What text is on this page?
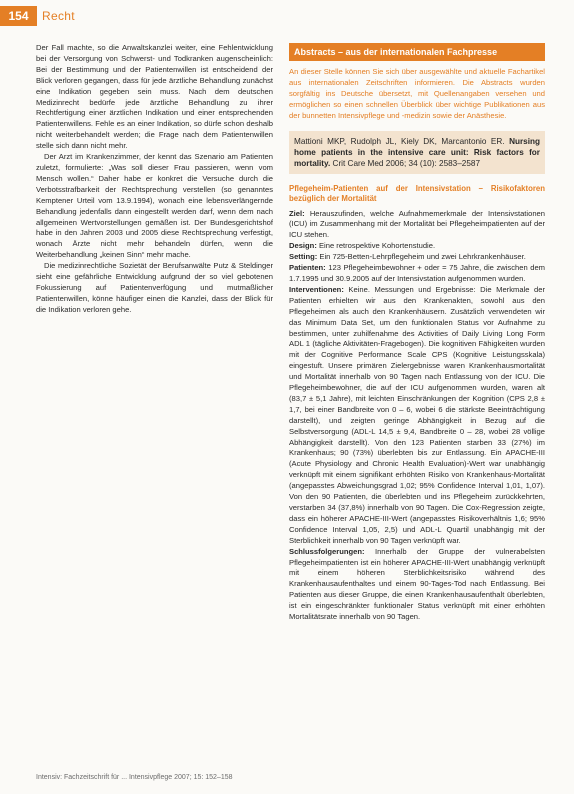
154	Recht

Der Fall machte, so die Anwaltskanzlei weiter, eine Fehlentwicklung bei der Versorgung von Schwerst- und Todkranken augenscheinlich: Bei der Bestimmung und der Patientenwillen ist entscheidend der Blick verloren gegangen, dass für jede ärztliche Behandlung zunächst eine Indikation gegeben sein muss. Nach dem deutschen Medizinrecht bedürfe jede ärztliche Behandlung zu ihrer Rechtfertigung einer ärztlichen Indikation und einer entsprechenden Patientenwillens. Fehle es an einer Indikation, so dürfe schon deshalb nicht weiterbehandelt werden; die Frage nach dem Patientenwillen stelle sich dann nicht mehr.

Der Arzt im Krankenzimmer, der kennt das Szenario am Patienten zuletzt, formulierte: „Was soll dieser Frau passieren, wenn vom Mensch wollen.“ Daher habe er konkret die Versuche durch die Verbotsstrafbarkeit der Rechtsprechung verstellen (so genanntes Kemptener Urteil vom 13.9.1994), wonach eine lebensverlängernde Behandlung jedenfalls dann eingestellt werden darf, wenn dem nach allgemeinen Wertvorstellungen gemäßen ist. Der Bundesgerichtshof habe in den Jahren 2003 und 2005 diese Rechtsprechung verfestigt, wonach Ärzte nicht mehr behandeln dürfen, wenn die Weiterbehandlung „keinen Sinn“ mehr mache.

Die medizinrechtliche Sozietät der Berufsanwälte Putz & Steldinger sieht eine gefährliche Entwicklung aufgrund der so viel gebotenen Fokussierung auf Patientenverfügung und mutmaßlicher Patientenwillen, könne häufiger einen die Kanzlei, dass der Blick für die Indikation verloren gehe.

Abstracts – aus der internationalen Fachpresse
An dieser Stelle können Sie sich über ausgewählte und aktuelle Fachartikel aus internationalen Zeitschriften informieren. Die Abstracts wurden sorgfältig ins Deutsche übersetzt, mit Quellenangaben versehen und ermöglichen so einen schnellen Überblick über wichtige Publikationen aus der bunnetten Intensivpflege und -medizin sowie der Anästhesie.
Mattioni MKP, Rudolph JL, Kiely DK, Marcantonio ER. Nursing home patients in the intensive care unit: Risk factors for mortality. Crit Care Med 2006; 34 (10): 2583–2587
Pflegeheim-Patienten auf der Intensivstation – Risikofaktoren bezüglich der Mortalität

Ziel: Herauszufinden, welche Aufnahmemerkmale der Intensivstationen (ICU) im Zusammenhang mit der Mortalität bei Pflegeheimpatienten auf der ICU stehen.

Design: Eine retrospektive Kohortenstudie.

Setting: Ein 725-Betten-Lehrpflegeheim und zwei Lehrkrankenhäuser.

Patienten: 123 Pflegeheimbewohner + oder = 75 Jahre, die zwischen dem 1.7.1995 und 30.9.2005 auf der Intensivstation aufgenommen wurden.

Interventionen: Keine. Messungen und Ergebnisse: Die Merkmale der Patienten erhielten wir aus den Krankenakten, sowohl aus den Pflegeheimen als auch den Krankenhäusern. Zusätzlich verwendeten wir das Minimum Data Set, um den funktionalen Status vor Aufnahme zu bestimmen, unter zuhilfenahme des Activities of Daily Living Long Form ADL 1 (tägliche Aktivitäten-Fragebogen). Die kognitiven Fähigkeiten wurden mit der Cognitive Performance Scale CPS (Kognitive Leistungsskala) eingestuft. Unsere primären Zielergebnisse waren Krankenhausmortalität und Mortalität innerhalb von 90 Tagen nach Entlassung von der ICU. Die Pflegeheimbewohner, die auf der ICU aufgenommen wurden, waren alt (83,7 ± 5,1 Jahre), mit leichten Einschränkungen der Kognition (CPS 2,8 ± 1,7, bei einer Bandbreite von 0 – 6, wobei 6 die stärkste Beeinträchtigung darstellt), und zeigten geringe Abhängigkeit in Bezug auf die Selbstversorgung (ADL-L 14,5 ± 9,4, Bandbreite 0 – 28, wobei 28 völlige Abhängigkeit darstellt). Von den 123 Patienten starben 33 (27%) im Krankenhaus; 90 (73%) überlebten bis zur Entlassung. Ein APACHE-III (Acute Physiology and Chronic Health Evaluation)-Wert war unabhängig verknüpft mit einem signifikant erhöhten Risiko von Krankenhaus-Mortalität (angepasstes Abweichungsgrad 1,02; 95% Confidence Interval 1,01, 1,07). Von den 90 Patienten, die überlebten und ins Pflegeheim zurückkehrten, verstarben 34 (37,8%) innerhalb von 90 Tagen. Die Cox-Regression zeigte, dass ein höherer APACHE-III-Wert (angepasstes Risikoverhältnis 1,6; 95% Confidence Interval 1,05, 2,5) und ADL-L Quartil unabhängig mit der Sterblichkeit innerhalb von 90 Tagen verknüpft war.

Schlussfolgerungen: Innerhalb der Gruppe der vulnerabelsten Pflegeheimpatienten ist ein höherer APACHE-III-Wert unabhängig verknüpft mit einem höheren Sterblichkeitsrisiko während des Krankenhausaufenthaltes und einem 90-Tages-Tod nach Entlassung. Bei Patienten aus dieser Gruppe, die einen Krankenhausaufenthalt überlebten, ist ein eingeschränkter funktionaler Status verknüpft mit einer erhöhten Mortalitätsrate innerhalb von 90 Tagen.

Intensiv: Fachzeitschrift für ... Intensivpflege 2007; 15: 152–158
